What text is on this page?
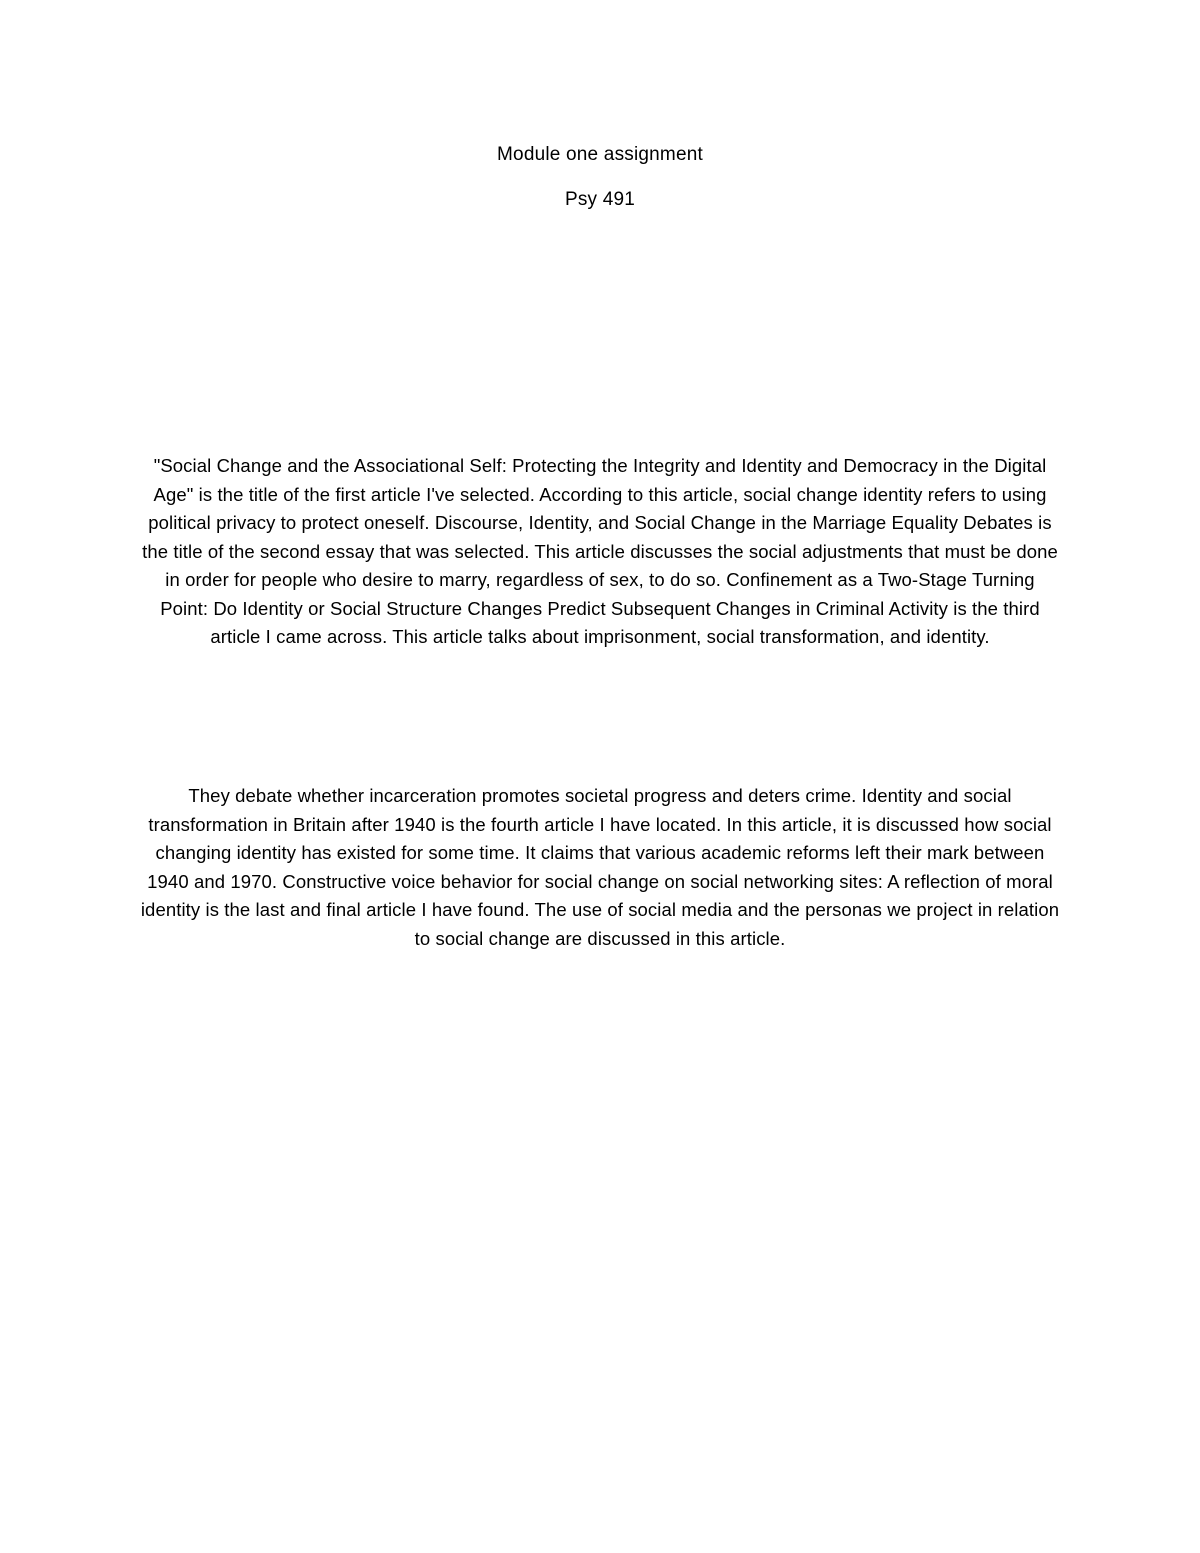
Module one assignment
Psy 491

"Social Change and the Associational Self: Protecting the Integrity and Identity and Democracy in the Digital Age" is the title of the first article I've selected. According to this article, social change identity refers to using political privacy to protect oneself. Discourse, Identity, and Social Change in the Marriage Equality Debates is the title of the second essay that was selected. This article discusses the social adjustments that must be done in order for people who desire to marry, regardless of sex, to do so. Confinement as a Two-Stage Turning Point: Do Identity or Social Structure Changes Predict Subsequent Changes in Criminal Activity is the third article I came across. This article talks about imprisonment, social transformation, and identity.

They debate whether incarceration promotes societal progress and deters crime. Identity and social transformation in Britain after 1940 is the fourth article I have located. In this article, it is discussed how social changing identity has existed for some time. It claims that various academic reforms left their mark between 1940 and 1970. Constructive voice behavior for social change on social networking sites: A reflection of moral identity is the last and final article I have found. The use of social media and the personas we project in relation to social change are discussed in this article.
